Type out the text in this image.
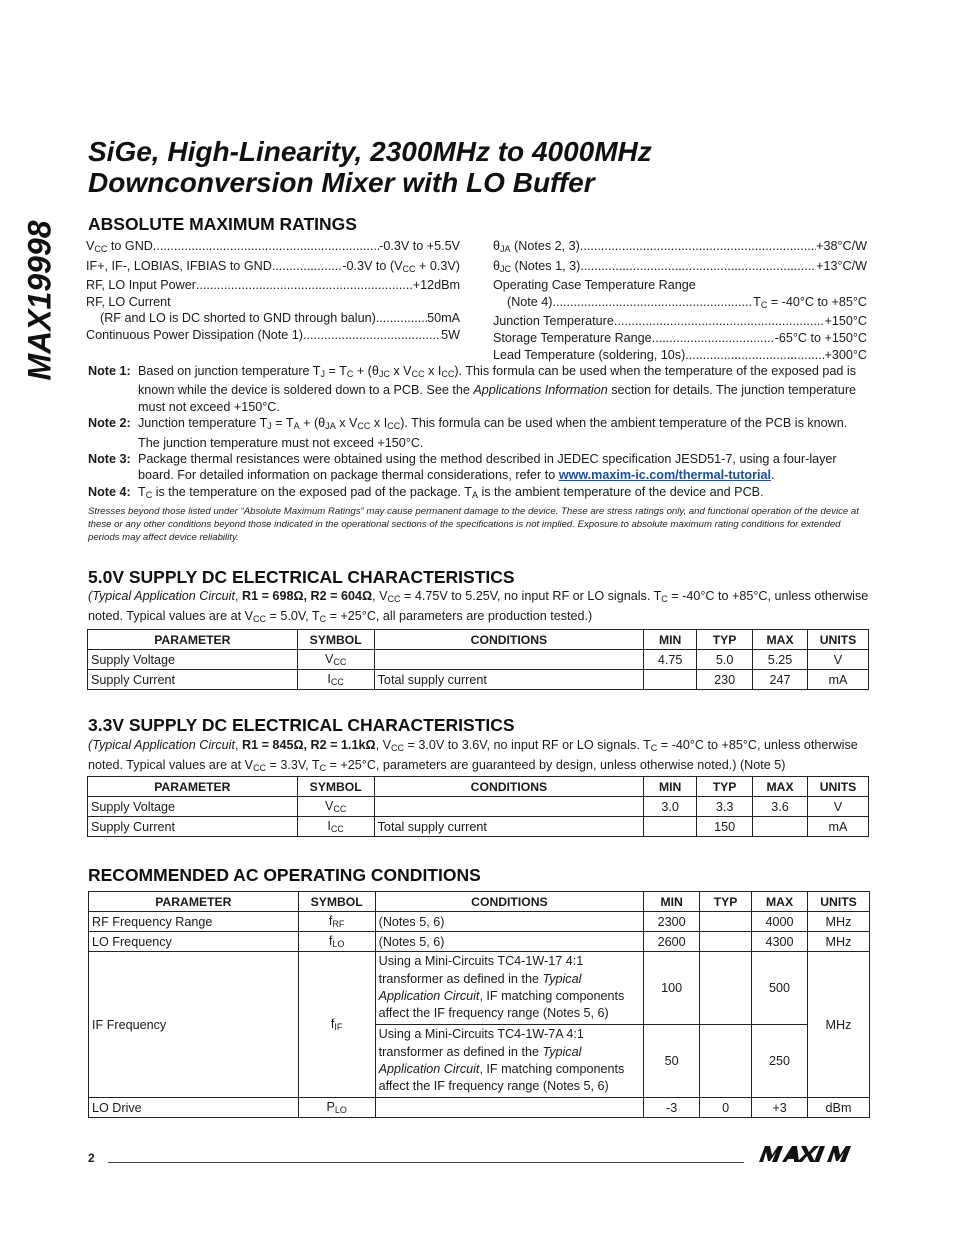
MAX19998
SiGe, High-Linearity, 2300MHz to 4000MHz
Downconversion Mixer with LO Buffer
ABSOLUTE MAXIMUM RATINGS
$V_{CC}$ to GND .....	-0.3V to +5.5V
IF+, IF-, LOBIAS, IFBIAS to GND .....	-0.3V to $(V_{CC} + 0.3V)$
RF, LO Input Power .....	+12dBm
RF, LO Current
(RF and LO is DC shorted to GND through balun) .....	50mA
Continuous Power Dissipation (Note 1) .....	5W
$\theta_{JA}$ (Notes 2, 3) .....	+38°C/W
$\theta_{JC}$ (Notes 1, 3) .....	+13°C/W
Operating Case Temperature Range
(Note 4) .....	$T_C = -40^\circ C$ to +85°C
Junction Temperature .....	+150°C
Storage Temperature Range .....	-65°C to +150°C
Lead Temperature (soldering, 10s) .....	+300°C
Note 1: Based on junction temperature $T_J = T_C + (\theta_{JC}$ x $V_{CC}$ x $I_{CC}$). This formula can be used when the temperature of the exposed pad is known while the device is soldered down to a PCB. See the Applications Information section for details. The junction temperature must not exceed +150°C.
Note 2: Junction temperature $T_J = T_A + (\theta_{JA}$ x $V_{CC}$ x $I_{CC}$). This formula can be used when the ambient temperature of the PCB is known. The junction temperature must not exceed +150°C.
Note 3: Package thermal resistances were obtained using the method described in JEDEC specification JESD51-7, using a four-layer board. For detailed information on package thermal considerations, refer to www.maxim-ic.com/thermal-tutorial.
Note 4: $T_C$ is the temperature on the exposed pad of the package. $T_A$ is the ambient temperature of the device and PCB.
Stresses beyond those listed under “Absolute Maximum Ratings” may cause permanent damage to the device. These are stress ratings only, and functional operation of the device at these or any other conditions beyond those indicated in the operational sections of the specifications is not implied. Exposure to absolute maximum rating conditions for extended periods may affect device reliability.
5.0V SUPPLY DC ELECTRICAL CHARACTERISTICS
(Typical Application Circuit, R1 = 698Ω, R2 = 604Ω, $V_{CC} = 4.75V$ to 5.25V, no input RF or LO signals. $T_C = -40^\circ C$ to +85°C, unless otherwise noted. Typical values are at $V_{CC} = 5.0V$, $T_C = +25^\circ C$, all parameters are production tested.)
PARAMETER	SYMBOL	CONDITIONS	MIN	TYP	MAX	UNITS
Supply Voltage	$V_{CC}$		4.75	5.0	5.25	V
Supply Current	$I_{CC}$	Total supply current		230	247	mA
3.3V SUPPLY DC ELECTRICAL CHARACTERISTICS
(Typical Application Circuit, R1 = 845Ω, R2 = 1.1kΩ, $V_{CC} = 3.0V$ to 3.6V, no input RF or LO signals. $T_C = -40^\circ C$ to +85°C, unless otherwise noted. Typical values are at $V_{CC} = 3.3V$, $T_C = +25^\circ C$, parameters are guaranteed by design, unless otherwise noted.) (Note 5)
PARAMETER	SYMBOL	CONDITIONS	MIN	TYP	MAX	UNITS
Supply Voltage	$V_{CC}$		3.0	3.3	3.6	V
Supply Current	$I_{CC}$	Total supply current		150		mA
RECOMMENDED AC OPERATING CONDITIONS
PARAMETER	SYMBOL	CONDITIONS	MIN	TYP	MAX	UNITS
RF Frequency Range	$f_{RF}$	(Notes 5, 6)	2300		4000	MHz
LO Frequency	$f_{LO}$	(Notes 5, 6)	2600		4300	MHz
IF Frequency	$f_{IF}$	Using a Mini-Circuits TC4-1W-17 4:1 transformer as defined in the Typical Application Circuit, IF matching components affect the IF frequency range (Notes 5, 6)	100		500	MHz
		Using a Mini-Circuits TC4-1W-7A 4:1 transformer as defined in the Typical Application Circuit, IF matching components affect the IF frequency range (Notes 5, 6)	50		250	
LO Drive	$P_{LO}$		-3	0	+3	dBm
2
